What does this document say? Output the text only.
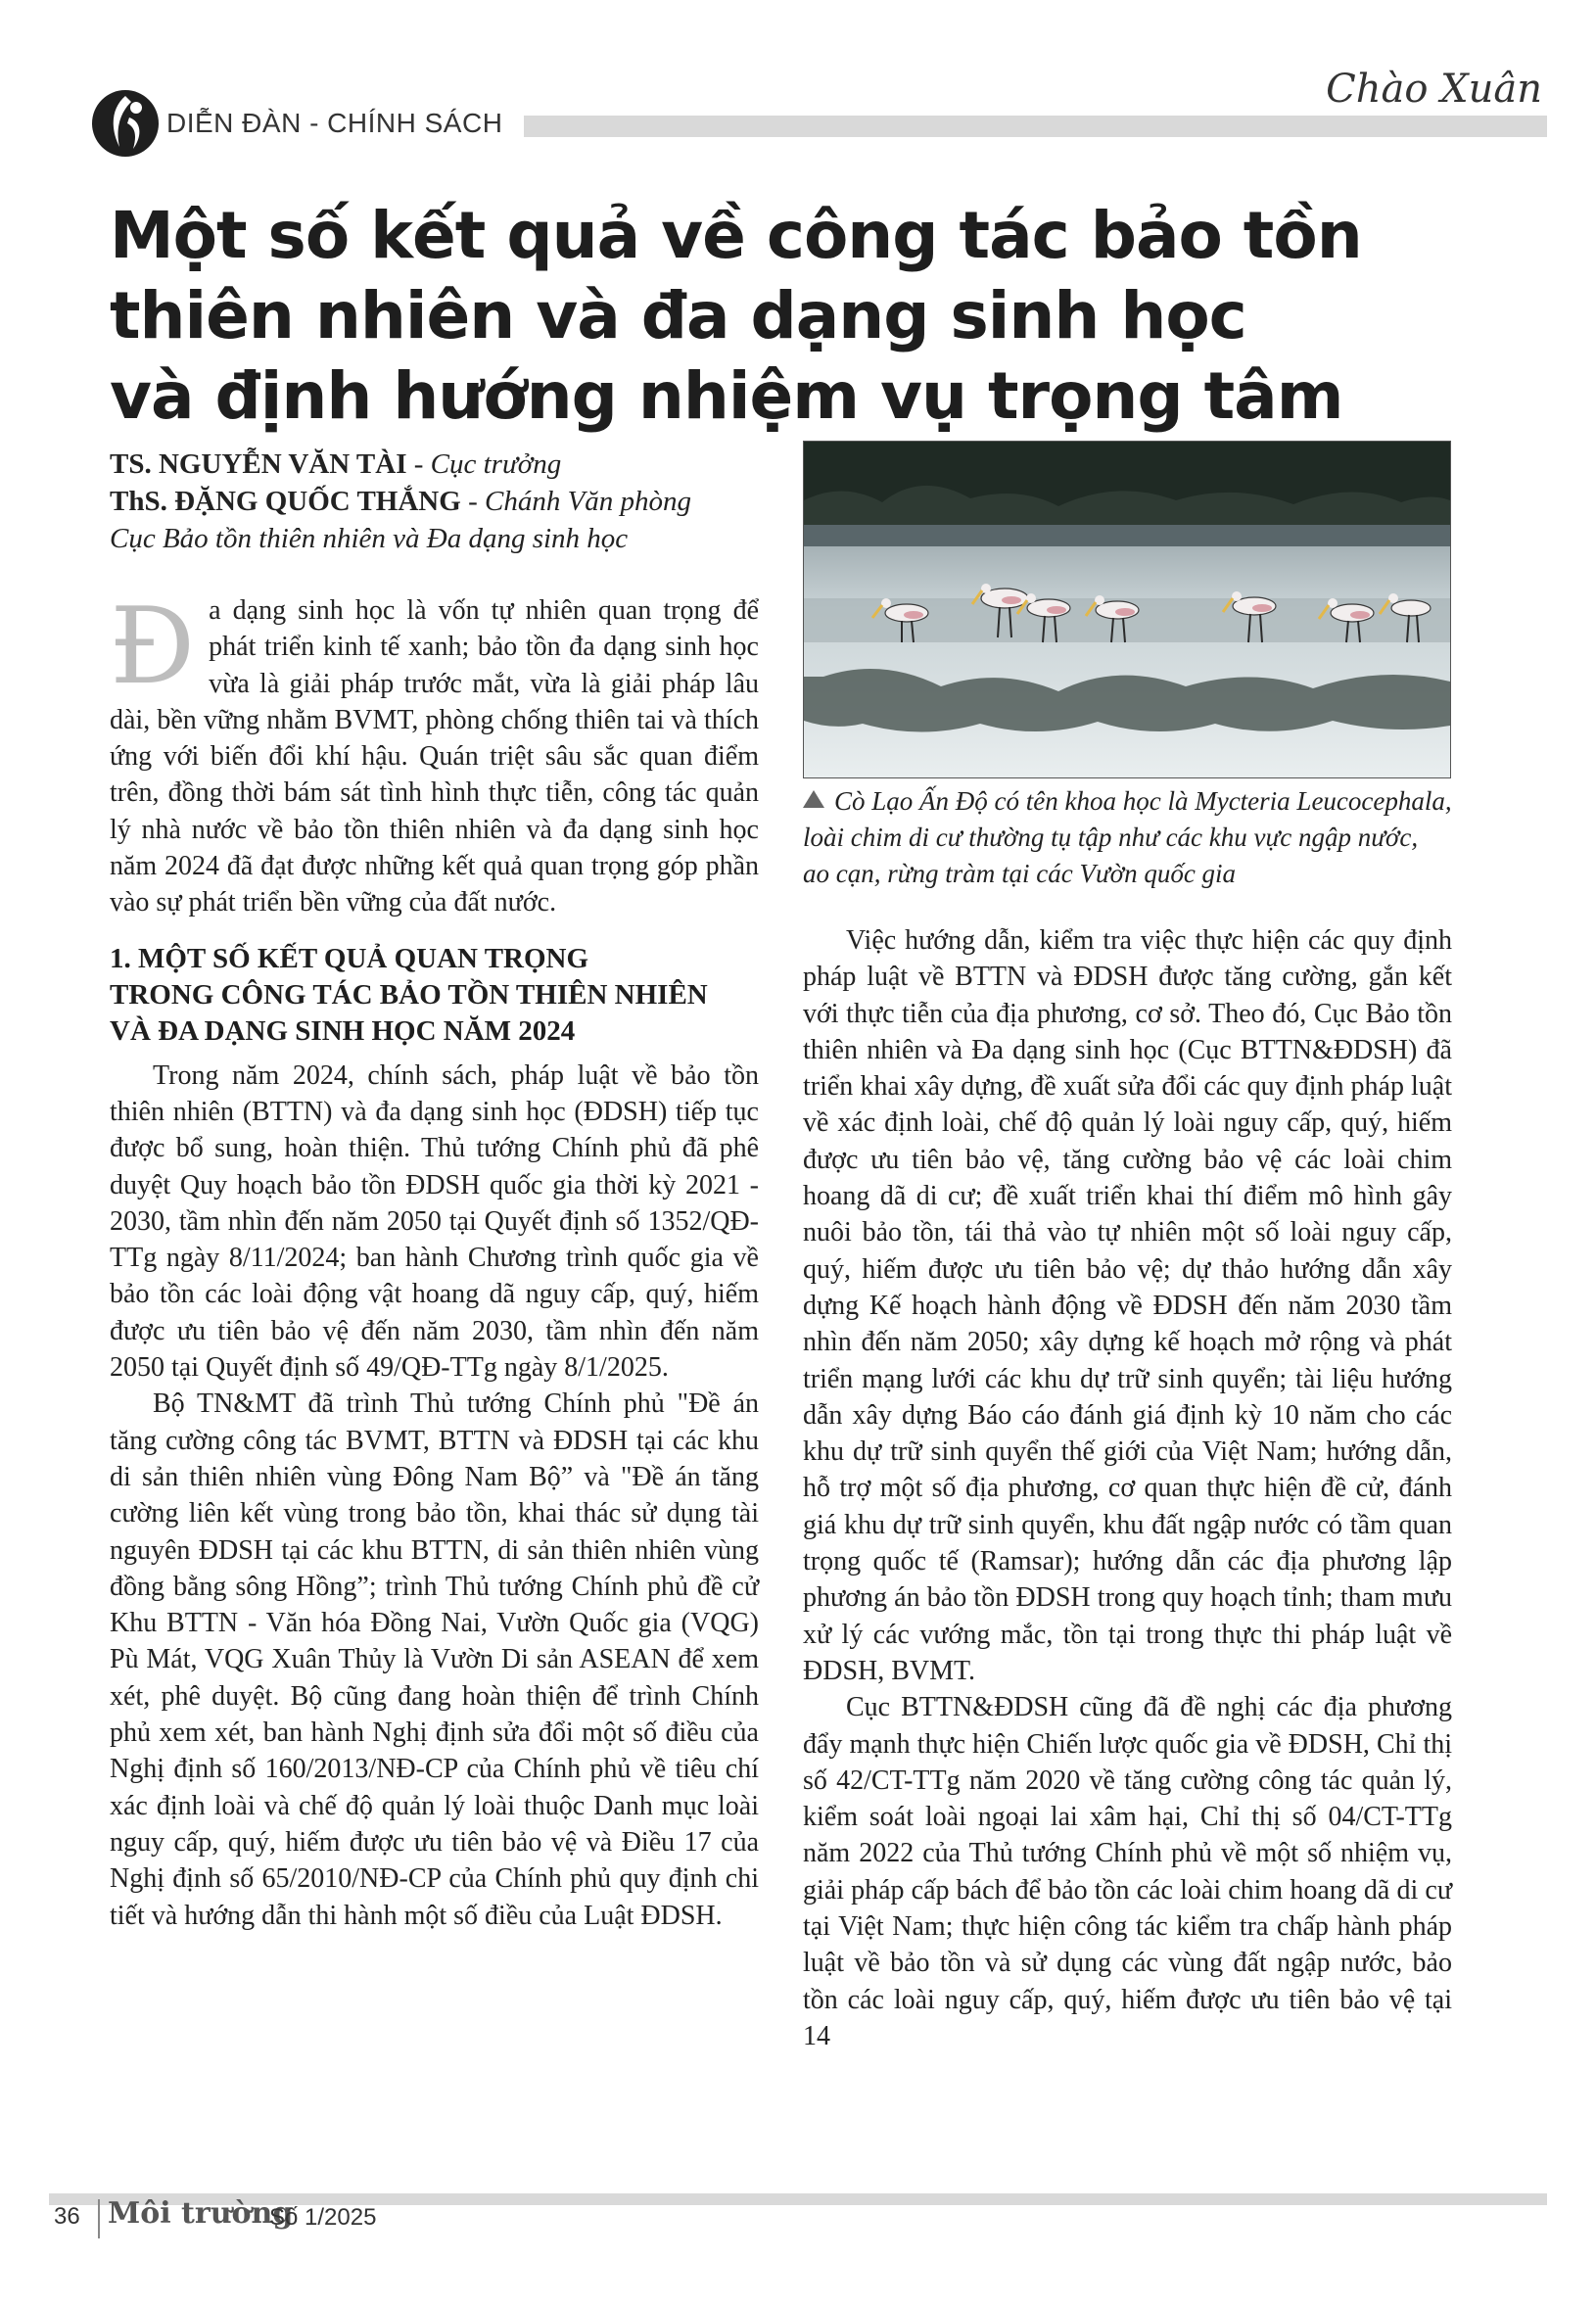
DIỄN ĐÀN - CHÍNH SÁCH
Chào Xuân
Một số kết quả về công tác bảo tồn
thiên nhiên và đa dạng sinh học
và định hướng nhiệm vụ trọng tâm
TS. NGUYỄN VĂN TÀI - Cục trưởng
ThS. ĐẶNG QUỐC THẮNG - Chánh Văn phòng
Cục Bảo tồn thiên nhiên và Đa dạng sinh học

Đa dạng sinh học là vốn tự nhiên quan trọng để phát triển kinh tế xanh; bảo tồn đa dạng sinh học vừa là giải pháp trước mắt, vừa là giải pháp lâu dài, bền vững nhằm BVMT, phòng chống thiên tai và thích ứng với biến đổi khí hậu. Quán triệt sâu sắc quan điểm trên, đồng thời bám sát tình hình thực tiễn, công tác quản lý nhà nước về bảo tồn thiên nhiên và đa dạng sinh học năm 2024 đã đạt được những kết quả quan trọng góp phần vào sự phát triển bền vững của đất nước.

1. MỘT SỐ KẾT QUẢ QUAN TRỌNG
TRONG CÔNG TÁC BẢO TỒN THIÊN NHIÊN
VÀ ĐA DẠNG SINH HỌC NĂM 2024

Trong năm 2024, chính sách, pháp luật về bảo tồn thiên nhiên (BTTN) và đa dạng sinh học (ĐDSH) tiếp tục được bổ sung, hoàn thiện. Thủ tướng Chính phủ đã phê duyệt Quy hoạch bảo tồn ĐDSH quốc gia thời kỳ 2021 - 2030, tầm nhìn đến năm 2050 tại Quyết định số 1352/QĐ-TTg ngày 8/11/2024; ban hành Chương trình quốc gia về bảo tồn các loài động vật hoang dã nguy cấp, quý, hiếm được ưu tiên bảo vệ đến năm 2030, tầm nhìn đến năm 2050 tại Quyết định số 49/QĐ-TTg ngày 8/1/2025.

Bộ TN&MT đã trình Thủ tướng Chính phủ "Đề án tăng cường công tác BVMT, BTTN và ĐDSH tại các khu di sản thiên nhiên vùng Đông Nam Bộ” và "Đề án tăng cường liên kết vùng trong bảo tồn, khai thác sử dụng tài nguyên ĐDSH tại các khu BTTN, di sản thiên nhiên vùng đồng bằng sông Hồng”; trình Thủ tướng Chính phủ đề cử Khu BTTN - Văn hóa Đồng Nai, Vườn Quốc gia (VQG) Pù Mát, VQG Xuân Thủy là Vườn Di sản ASEAN để xem xét, phê duyệt. Bộ cũng đang hoàn thiện để trình Chính phủ xem xét, ban hành Nghị định sửa đổi một số điều của Nghị định số 160/2013/NĐ-CP của Chính phủ về tiêu chí xác định loài và chế độ quản lý loài thuộc Danh mục loài nguy cấp, quý, hiếm được ưu tiên bảo vệ và Điều 17 của Nghị định số 65/2010/NĐ-CP của Chính phủ quy định chi tiết và hướng dẫn thi hành một số điều của Luật ĐDSH.

Cò Lạo Ấn Độ có tên khoa học là Mycteria Leucocephala,
loài chim di cư thường tụ tập như các khu vực ngập nước,
ao cạn, rừng tràm tại các Vườn quốc gia

Việc hướng dẫn, kiểm tra việc thực hiện các quy định pháp luật về BTTN và ĐDSH được tăng cường, gắn kết với thực tiễn của địa phương, cơ sở. Theo đó, Cục Bảo tồn thiên nhiên và Đa dạng sinh học (Cục BTTN&ĐDSH) đã triển khai xây dựng, đề xuất sửa đổi các quy định pháp luật về xác định loài, chế độ quản lý loài nguy cấp, quý, hiếm được ưu tiên bảo vệ, tăng cường bảo vệ các loài chim hoang dã di cư; đề xuất triển khai thí điểm mô hình gây nuôi bảo tồn, tái thả vào tự nhiên một số loài nguy cấp, quý, hiếm được ưu tiên bảo vệ; dự thảo hướng dẫn xây dựng Kế hoạch hành động về ĐDSH đến năm 2030 tầm nhìn đến năm 2050; xây dựng kế hoạch mở rộng và phát triển mạng lưới các khu dự trữ sinh quyển; tài liệu hướng dẫn xây dựng Báo cáo đánh giá định kỳ 10 năm cho các khu dự trữ sinh quyển thế giới của Việt Nam; hướng dẫn, hỗ trợ một số địa phương, cơ quan thực hiện đề cử, đánh giá khu dự trữ sinh quyển, khu đất ngập nước có tầm quan trọng quốc tế (Ramsar); hướng dẫn các địa phương lập phương án bảo tồn ĐDSH trong quy hoạch tỉnh; tham mưu xử lý các vướng mắc, tồn tại trong thực thi pháp luật về ĐDSH, BVMT.

Cục BTTN&ĐDSH cũng đã đề nghị các địa phương đẩy mạnh thực hiện Chiến lược quốc gia về ĐDSH, Chỉ thị số 42/CT-TTg năm 2020 về tăng cường công tác quản lý, kiểm soát loài ngoại lai xâm hại, Chỉ thị số 04/CT-TTg năm 2022 của Thủ tướng Chính phủ về một số nhiệm vụ, giải pháp cấp bách để bảo tồn các loài chim hoang dã di cư tại Việt Nam; thực hiện công tác kiểm tra chấp hành pháp luật về bảo tồn và sử dụng các vùng đất ngập nước, bảo tồn các loài nguy cấp, quý, hiếm được ưu tiên bảo vệ tại 14

36 Môi trường
Số 1/2025
